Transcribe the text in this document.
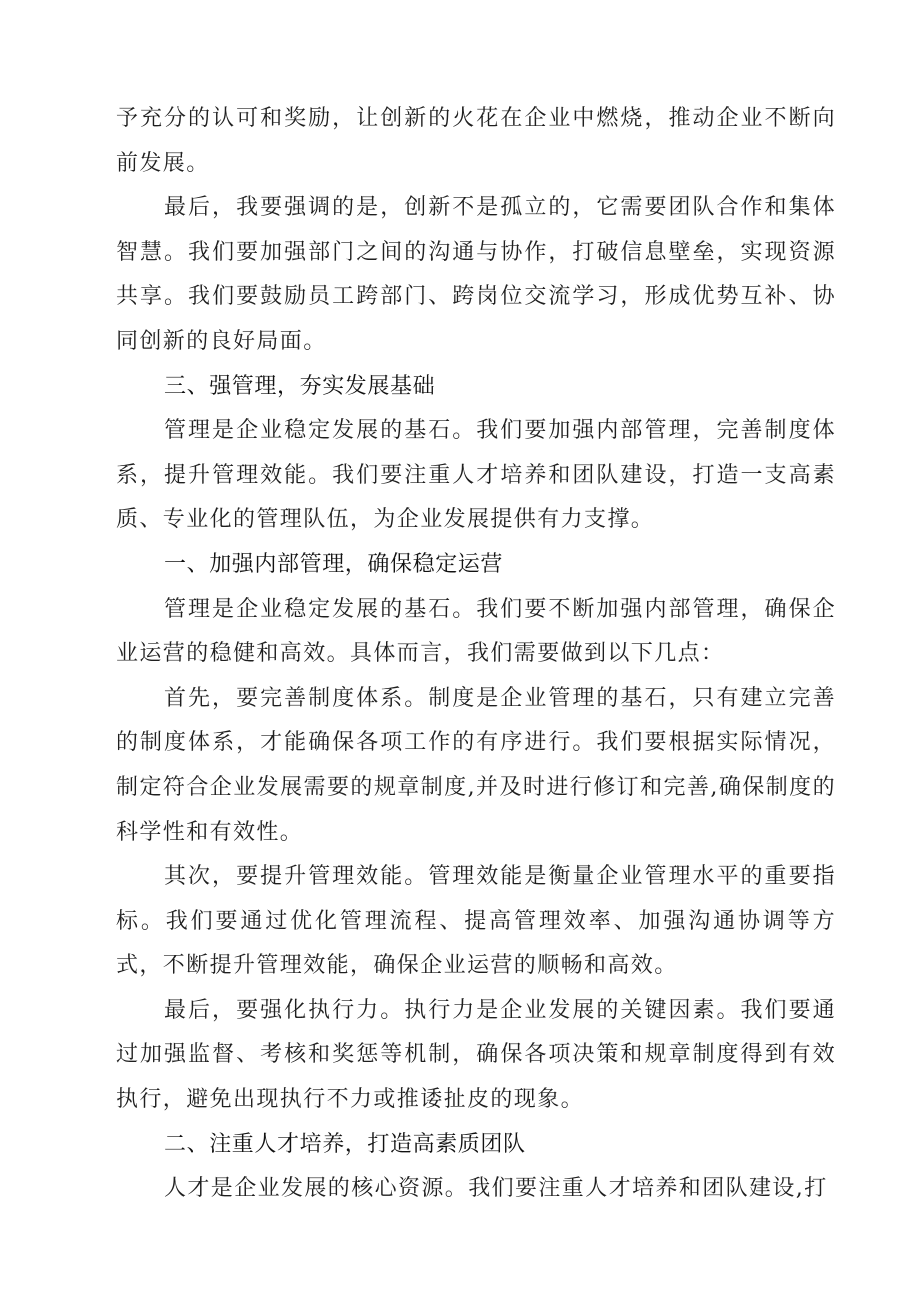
予充分的认可和奖励，让创新的火花在企业中燃烧，推动企业不断向前发展。

最后，我要强调的是，创新不是孤立的，它需要团队合作和集体智慧。我们要加强部门之间的沟通与协作，打破信息壁垒，实现资源共享。我们要鼓励员工跨部门、跨岗位交流学习，形成优势互补、协同创新的良好局面。

三、强管理，夯实发展基础

管理是企业稳定发展的基石。我们要加强内部管理，完善制度体系，提升管理效能。我们要注重人才培养和团队建设，打造一支高素质、专业化的管理队伍，为企业发展提供有力支撑。

一、加强内部管理，确保稳定运营

管理是企业稳定发展的基石。我们要不断加强内部管理，确保企业运营的稳健和高效。具体而言，我们需要做到以下几点：

首先，要完善制度体系。制度是企业管理的基石，只有建立完善的制度体系，才能确保各项工作的有序进行。我们要根据实际情况，制定符合企业发展需要的规章制度,并及时进行修订和完善,确保制度的科学性和有效性。

其次，要提升管理效能。管理效能是衡量企业管理水平的重要指标。我们要通过优化管理流程、提高管理效率、加强沟通协调等方式，不断提升管理效能，确保企业运营的顺畅和高效。

最后，要强化执行力。执行力是企业发展的关键因素。我们要通过加强监督、考核和奖惩等机制，确保各项决策和规章制度得到有效执行，避免出现执行不力或推诿扯皮的现象。

二、注重人才培养，打造高素质团队

人才是企业发展的核心资源。我们要注重人才培养和团队建设,打
